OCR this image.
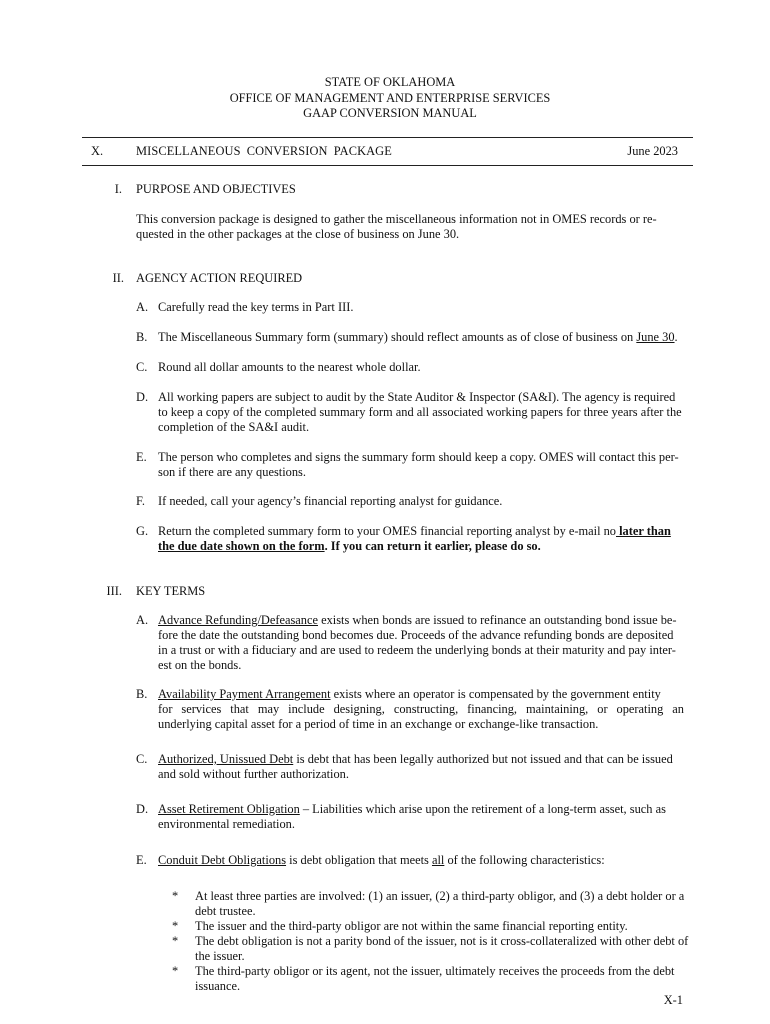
STATE OF OKLAHOMA
OFFICE OF MANAGEMENT AND ENTERPRISE SERVICES
GAAP CONVERSION MANUAL
X.	MISCELLANEOUS CONVERSION PACKAGE	June 2023
I. PURPOSE AND OBJECTIVES
This conversion package is designed to gather the miscellaneous information not in OMES records or re-
quested in the other packages at the close of business on June 30.
II. AGENCY ACTION REQUIRED
A. Carefully read the key terms in Part III.
B. The Miscellaneous Summary form (summary) should reflect amounts as of close of business on June 30.
C. Round all dollar amounts to the nearest whole dollar.
D. All working papers are subject to audit by the State Auditor & Inspector (SA&I). The agency is required
to keep a copy of the completed summary form and all associated working papers for three years after the
completion of the SA&I audit.
E. The person who completes and signs the summary form should keep a copy. OMES will contact this per-
son if there are any questions.
F. If needed, call your agency’s financial reporting analyst for guidance.
G. Return the completed summary form to your OMES financial reporting analyst by e-mail no later than
the due date shown on the form. If you can return it earlier, please do so.
III. KEY TERMS
A. Advance Refunding/Defeasance exists when bonds are issued to refinance an outstanding bond issue be-
fore the date the outstanding bond becomes due. Proceeds of the advance refunding bonds are deposited
in a trust or with a fiduciary and are used to redeem the underlying bonds at their maturity and pay inter-
est on the bonds.
B. Availability Payment Arrangement exists where an operator is compensated by the government entity
for services that may include designing, constructing, financing, maintaining, or operating an
underlying capital asset for a period of time in an exchange or exchange-like transaction.
C. Authorized, Unissued Debt is debt that has been legally authorized but not issued and that can be issued
and sold without further authorization.
D. Asset Retirement Obligation – Liabilities which arise upon the retirement of a long-term asset, such as
environmental remediation.
E. Conduit Debt Obligations is debt obligation that meets all of the following characteristics:
* At least three parties are involved: (1) an issuer, (2) a third-party obligor, and (3) a debt holder or a
debt trustee.
* The issuer and the third-party obligor are not within the same financial reporting entity.
* The debt obligation is not a parity bond of the issuer, not is it cross-collateralized with other debt of
the issuer.
* The third-party obligor or its agent, not the issuer, ultimately receives the proceeds from the debt
issuance.
X-1
